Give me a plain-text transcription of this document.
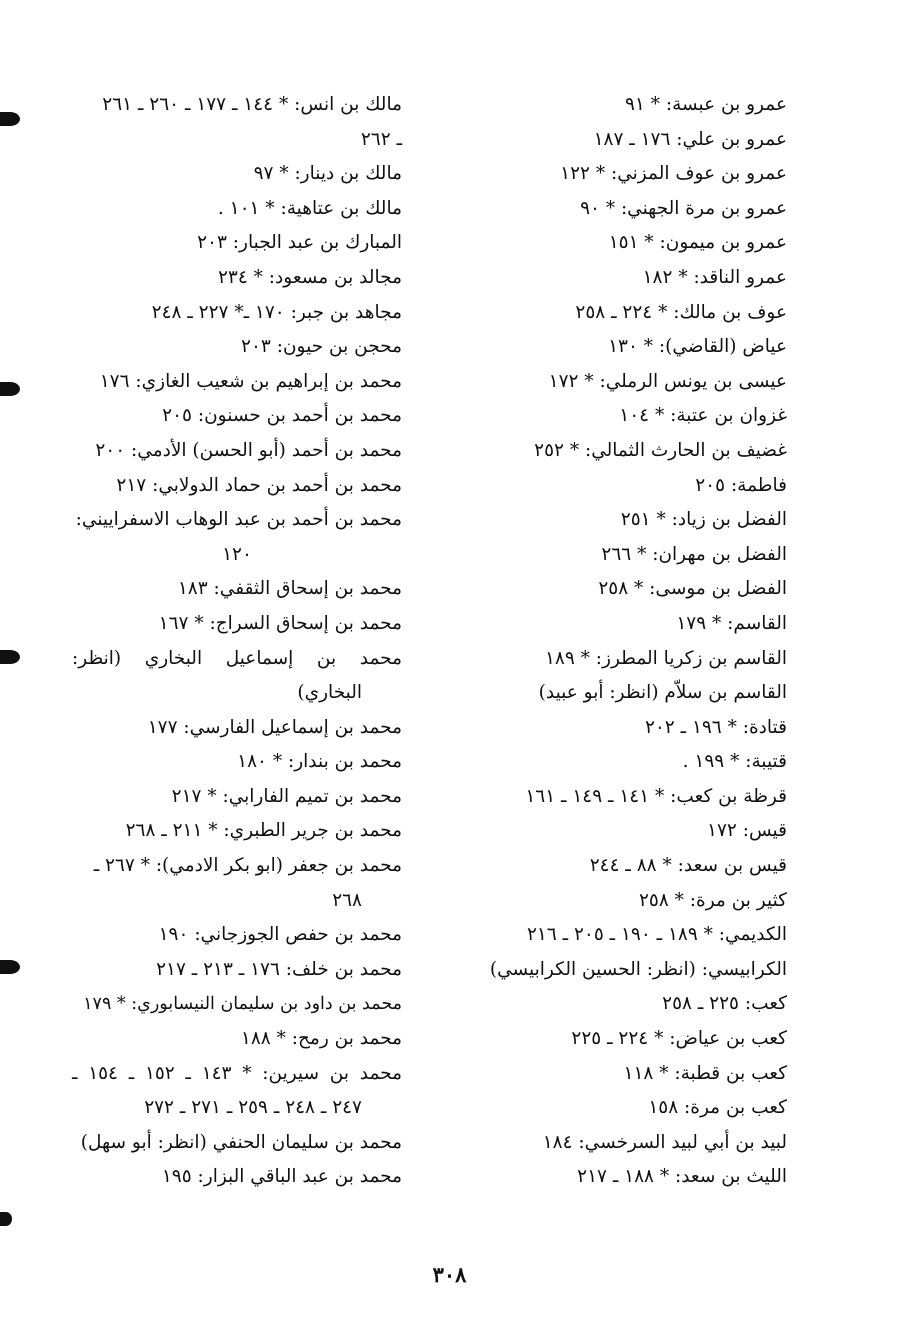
عمرو بن عبسة: * ٩١

عمرو بن علي: ١٧٦ ـ ١٨٧

عمرو بن عوف المزني: * ١٢٢

عمرو بن مرة الجهني: * ٩٠

عمرو بن ميمون: * ١٥١

عمرو الناقد: * ١٨٢

عوف بن مالك: * ٢٢٤ ـ ٢٥٨

عياض (القاضي): * ١٣٠

عيسى بن يونس الرملي: * ١٧٢

غزوان بن عتبة: * ١٠٤

غضيف بن الحارث الثمالي: * ٢٥٢

فاطمة: ٢٠٥

الفضل بن زياد: * ٢٥١

الفضل بن مهران: * ٢٦٦

الفضل بن موسى: * ٢٥٨

القاسم: * ١٧٩

القاسم بن زكريا المطرز: * ١٨٩

القاسم بن سلاّم (انظر: أبو عبيد)

قتادة: * ١٩٦ ـ ٢٠٢

قتيبة: * ١٩٩ .

قرظة بن كعب: * ١٤١ ـ ١٤٩ ـ ١٦١

قيس: ١٧٢

قيس بن سعد: * ٨٨ ـ ٢٤٤

كثير بن مرة: * ٢٥٨

الكديمي: * ١٨٩ ـ ١٩٠ ـ ٢٠٥ ـ ٢١٦

الكرابيسي: (انظر: الحسين الكرابيسي)

كعب: ٢٢٥ ـ ٢٥٨

كعب بن عياض: * ٢٢٤ ـ ٢٢٥

كعب بن قطبة: * ١١٨

كعب بن مرة: ١٥٨

لبيد بن أبي لبيد السرخسي: ١٨٤

الليث بن سعد: * ١٨٨ ـ ٢١٧

مالك بن انس: * ١٤٤ ـ ١٧٧ ـ ٢٦٠ ـ ٢٦١

ـ ٢٦٢

مالك بن دينار: * ٩٧

مالك بن عتاهية: * ١٠١ .

المبارك بن عبد الجبار: ٢٠٣

مجالد بن مسعود: * ٢٣٤

مجاهد بن جبر: ١٧٠ ـ* ٢٢٧ ـ ٢٤٨

محجن بن حيون: ٢٠٣

محمد بن إبراهيم بن شعيب الغازي: ١٧٦

محمد بن أحمد بن حسنون: ٢٠٥

محمد بن أحمد (أبو الحسن) الأدمي: ٢٠٠

محمد بن أحمد بن حماد الدولابي: ٢١٧

محمد بن أحمد بن عبد الوهاب الاسفراييني:

١٢٠

محمد بن إسحاق الثقفي: ١٨٣

محمد بن إسحاق السراج: * ١٦٧

محمد بن إسماعيل البخاري (انظر:

البخاري)

محمد بن إسماعيل الفارسي: ١٧٧

محمد بن بندار: * ١٨٠

محمد بن تميم الفارابي: * ٢١٧

محمد بن جرير الطبري: * ٢١١ ـ ٢٦٨

محمد بن جعفر (ابو بكر الادمي): * ٢٦٧ ـ

٢٦٨

محمد بن حفص الجوزجاني: ١٩٠

محمد بن خلف: ١٧٦ ـ ٢١٣ ـ ٢١٧

محمد بن داود بن سليمان النيسابوري: * ١٧٩

محمد بن رمح: * ١٨٨

محمد بن سيرين: * ١٤٣ ـ ١٥٢ ـ ١٥٤ ـ

٢٤٧ ـ ٢٤٨ ـ ٢٥٩ ـ ٢٧١ ـ ٢٧٢

محمد بن سليمان الحنفي (انظر: أبو سهل)

محمد بن عبد الباقي البزار: ١٩٥

٣٠٨
